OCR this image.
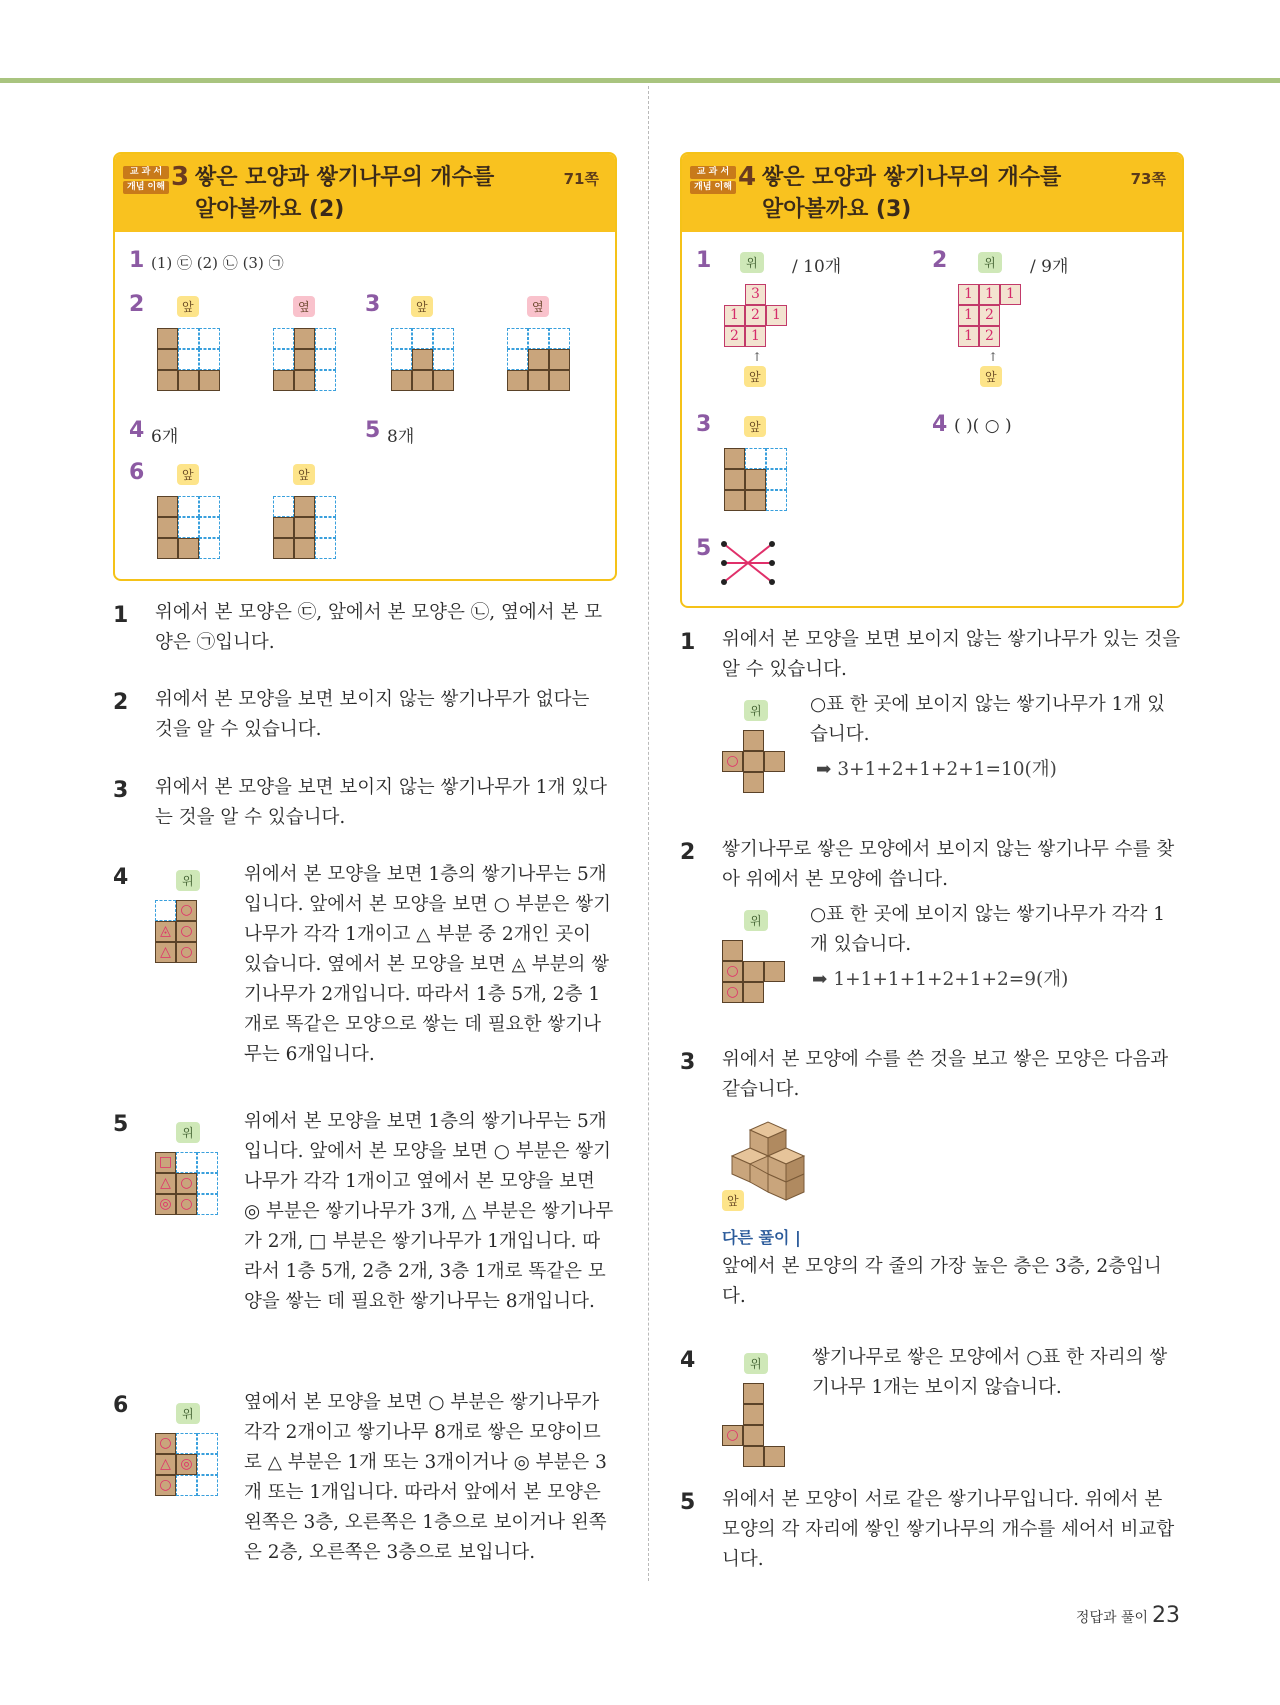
교 과 서
개념 이해 3 쌓은 모양과 쌓기나무의 개수를
알아볼까요 (2)
71쪽
1 (1) ㉢ (2) ㉡ (3) ㉠
2	앞	옆	3	앞	옆
4 6개	5 8개
6	앞	앞
교 과 서
개념 이해 4 쌓은 모양과 쌓기나무의 개수를
알아볼까요 (3)
73쪽
1	위	/ 10개
3
1 2 1
2 1
↑
앞
2	위	/ 9개
1 1 1
1 2
1 2
↑
앞
3	앞	4 ( )( ○ )
5
1 위에서 본 모양은 ㉢, 앞에서 본 모양은 ㉡, 옆에서 본 모양은 ㉠입니다.
2 위에서 본 모양을 보면 보이지 않는 쌓기나무가 없다는 것을 알 수 있습니다.
3 위에서 본 모양을 보면 보이지 않는 쌓기나무가 1개 있다는 것을 알 수 있습니다.
4	위
○
◬ ○
△ ○
위에서 본 모양을 보면 1층의 쌓기나무는 5개입니다. 앞에서 본 모양을 보면 ○ 부분은 쌓기나무가 각각 1개이고 △ 부분 중 2개인 곳이 있습니다. 옆에서 본 모양을 보면 ◬ 부분의 쌓기나무가 2개입니다. 따라서 1층 5개, 2층 1개로 똑같은 모양으로 쌓는 데 필요한 쌓기나무는 6개입니다.
5	위
□
△ ○
◎ ○
위에서 본 모양을 보면 1층의 쌓기나무는 5개입니다. 앞에서 본 모양을 보면 ○ 부분은 쌓기나무가 각각 1개이고 옆에서 본 모양을 보면 ◎ 부분은 쌓기나무가 3개, △ 부분은 쌓기나무가 2개, □ 부분은 쌓기나무가 1개입니다. 따라서 1층 5개, 2층 2개, 3층 1개로 똑같은 모양을 쌓는 데 필요한 쌓기나무는 8개입니다.
6	위
○
△ ◎
○
옆에서 본 모양을 보면 ○ 부분은 쌓기나무가 각각 2개이고 쌓기나무 8개로 쌓은 모양이므로 △ 부분은 1개 또는 3개이거나 ◎ 부분은 3개 또는 1개입니다. 따라서 앞에서 본 모양은 왼쪽은 3층, 오른쪽은 1층으로 보이거나 왼쪽은 2층, 오른쪽은 3층으로 보입니다.
1 위에서 본 모양을 보면 보이지 않는 쌓기나무가 있는 것을 알 수 있습니다.
위
○
○표 한 곳에 보이지 않는 쌓기나무가 1개 있습니다.
➡ 3+1+2+1+2+1=10(개)
2 쌓기나무로 쌓은 모양에서 보이지 않는 쌓기나무 수를 찾아 위에서 본 모양에 씁니다.
위
○
○
○표 한 곳에 보이지 않는 쌓기나무가 각각 1개 있습니다.
➡ 1+1+1+1+2+1+2=9(개)
3 위에서 본 모양에 수를 쓴 것을 보고 쌓은 모양은 다음과 같습니다.
앞
다른 풀이 |
앞에서 본 모양의 각 줄의 가장 높은 층은 3층, 2층입니다.
4	위
○
쌓기나무로 쌓은 모양에서 ○표 한 자리의 쌓기나무 1개는 보이지 않습니다.
5 위에서 본 모양이 서로 같은 쌓기나무입니다. 위에서 본 모양의 각 자리에 쌓인 쌓기나무의 개수를 세어서 비교합니다.
정답과 풀이 23
